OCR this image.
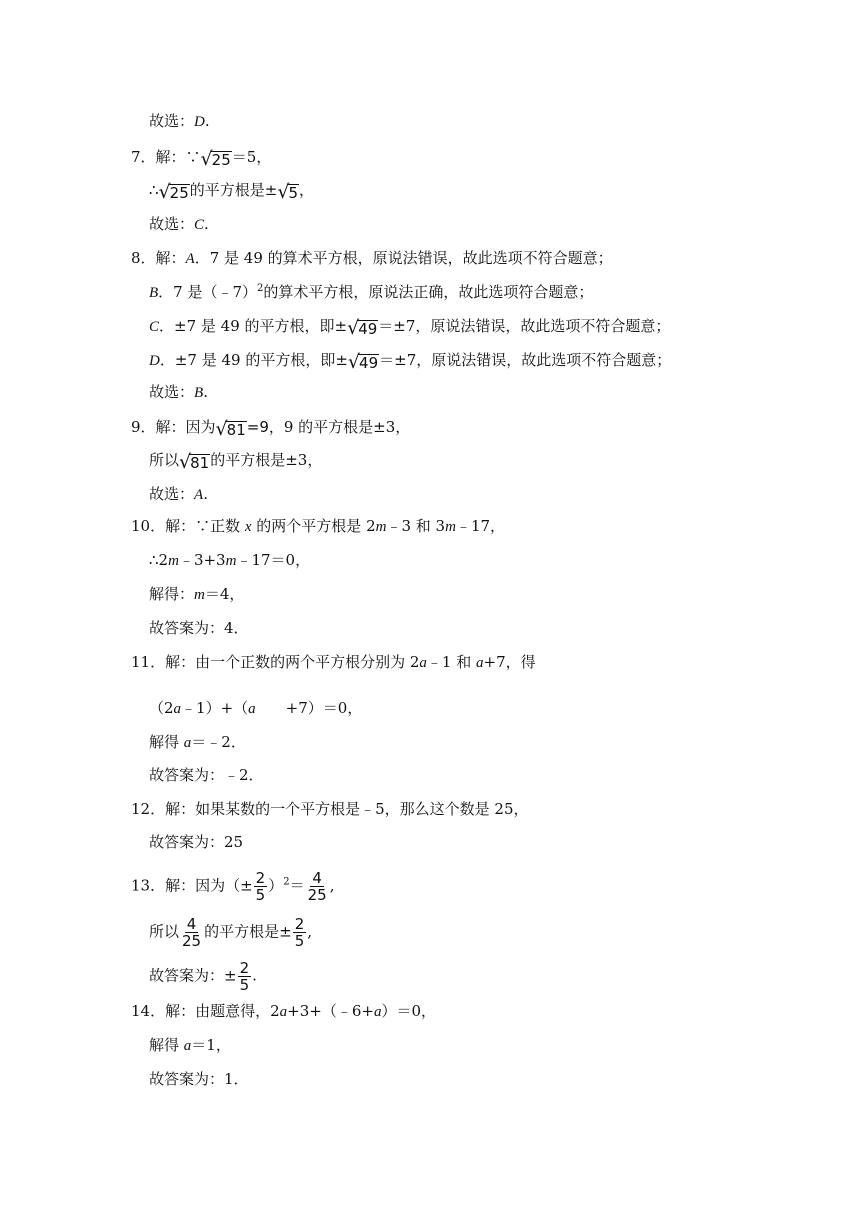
故选：D.
7．解：∵√25＝5，
∴√25的平方根是±√5，
故选：C.
8．解：A．7 是 49 的算术平方根，原说法错误，故此选项不符合题意；
B．7 是（﹣7）$^2$的算术平方根，原说法正确，故此选项符合题意；
C．±7 是 49 的平方根，即±√49＝±7，原说法错误，故此选项不符合题意；
D．±7 是 49 的平方根，即±√49＝±7，原说法错误，故此选项不符合题意；
故选：B.
9．解：因为√81=9，9 的平方根是±3，
所以√81的平方根是±3，
故选：A.
10．解：∵正数 x 的两个平方根是 2m﹣3 和 3m﹣17，
∴2m﹣3+3m﹣17＝0，
解得：m＝4，
故答案为：4．
11．解：由一个正数的两个平方根分别为 2a﹣1 和 a+7，得
（2a﹣1）+（a +7）＝0，
解得 a＝﹣2．
故答案为：﹣2．
12．解：如果某数的一个平方根是﹣5，那么这个数是 25，
故答案为：25
13．解：因为（± $\frac{2}{5} )^2= \frac{4}{25}$ ,
所以 $\frac{4}{25}$ 的平方根是± $\frac{2}{5}$ ,
故答案为：± $\frac{2}{5}$ .
14．解：由题意得，2a+3+（﹣6+a）＝0，
解得 a＝1，
故答案为：1．
